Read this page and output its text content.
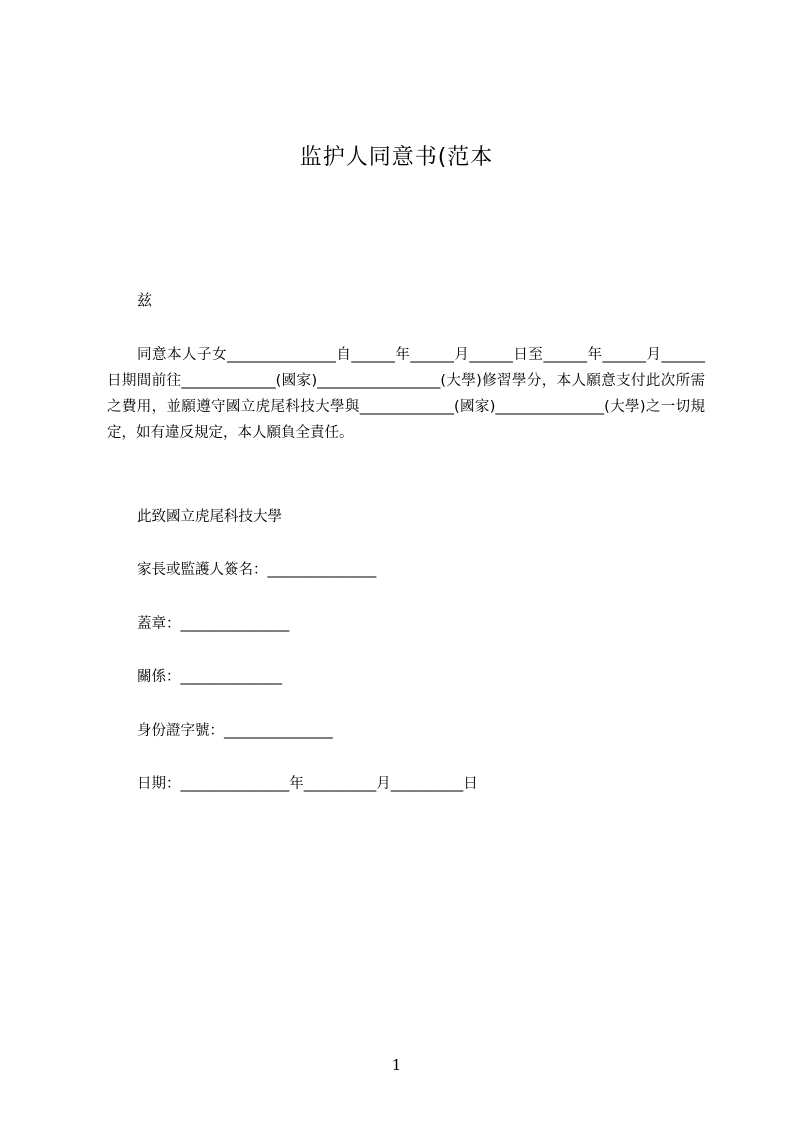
监护人同意书(范本
兹
同意本人子女_______________自______年______月______日至______年______月______日期間前往_____________(國家)_________________(大學)修習學分，本人願意支付此次所需之費用，並願遵守國立虎尾科技大學與_____________(國家)_______________(大學)之一切規定，如有違反規定，本人願負全責任。
此致國立虎尾科技大學
家長或監護人簽名：_______________
蓋章：_______________
關係：______________
身份證字號：_______________
日期：_______________年__________月__________日
1
